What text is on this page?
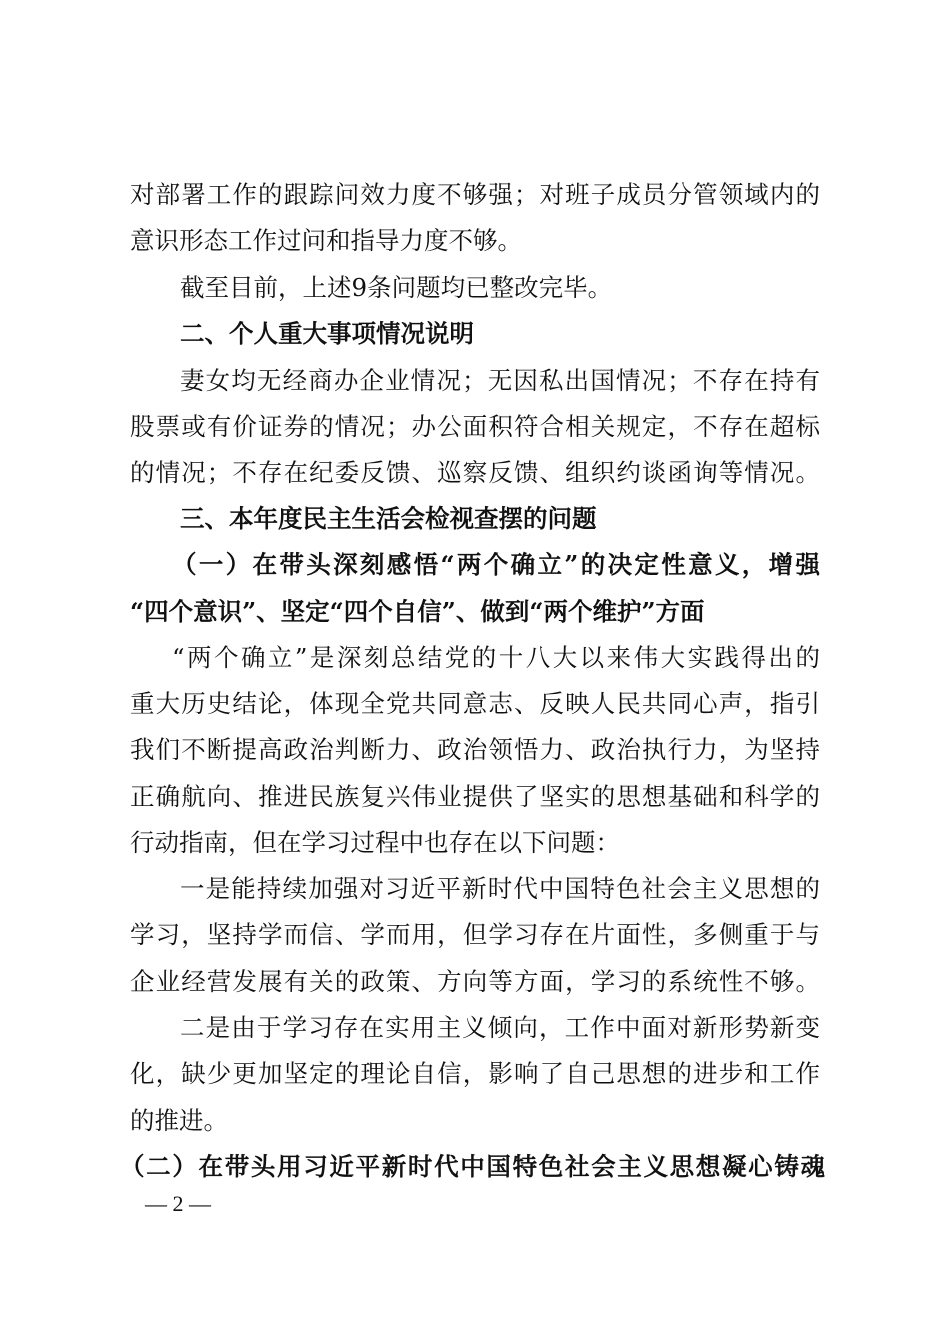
对部署工作的跟踪问效力度不够强；对班子成员分管领域内的
意识形态工作过问和指导力度不够。
截至目前，上述9条问题均已整改完毕。
二、个人重大事项情况说明
妻女均无经商办企业情况；无因私出国情况；不存在持有
股票或有价证券的情况；办公面积符合相关规定，不存在超标
的情况；不存在纪委反馈、巡察反馈、组织约谈函询等情况。
三、本年度民主生活会检视查摆的问题
（一）在带头深刻感悟“两个确立”的决定性意义，增强
“四个意识”、坚定“四个自信”、做到“两个维护”方面
“两个确立”是深刻总结党的十八大以来伟大实践得出的
重大历史结论，体现全党共同意志、反映人民共同心声，指引
我们不断提高政治判断力、政治领悟力、政治执行力，为坚持
正确航向、推进民族复兴伟业提供了坚实的思想基础和科学的
行动指南，但在学习过程中也存在以下问题：
一是能持续加强对习近平新时代中国特色社会主义思想的
学习，坚持学而信、学而用，但学习存在片面性，多侧重于与
企业经营发展有关的政策、方向等方面，学习的系统性不够。
二是由于学习存在实用主义倾向，工作中面对新形势新变
化，缺少更加坚定的理论自信，影响了自己思想的进步和工作
的推进。
（二）在带头用习近平新时代中国特色社会主义思想凝心铸魂
— 2 —
